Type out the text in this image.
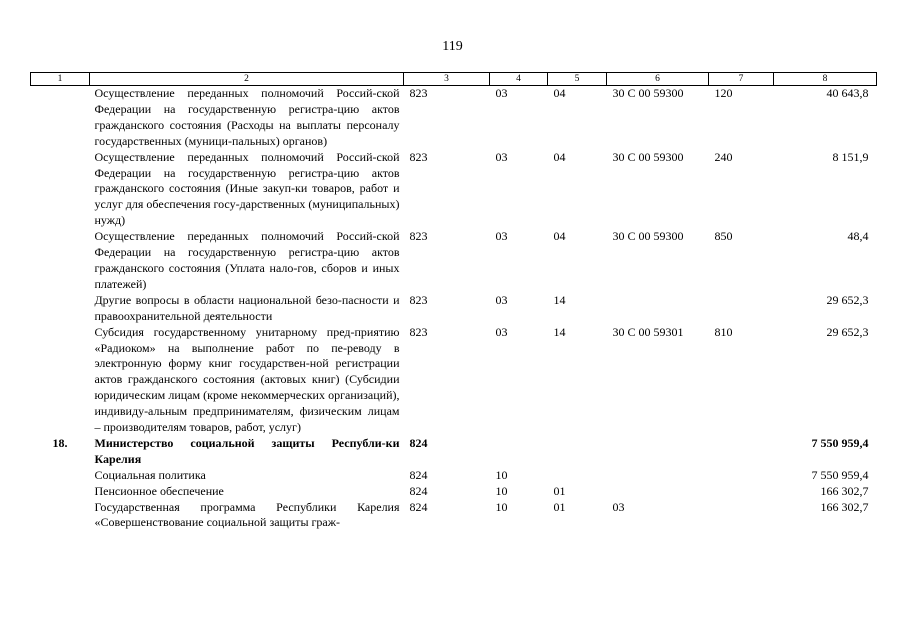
119
1	2	3	4	5	6	7	8
	Осуществление переданных полномочий Россий-ской Федерации на государственную регистра-цию актов гражданского состояния (Расходы на выплаты персоналу государственных (муници-пальных) органов)	823	03	04	30 С 00 59300	120	40 643,8
	Осуществление переданных полномочий Россий-ской Федерации на государственную регистра-цию актов гражданского состояния (Иные закуп-ки товаров, работ и услуг для обеспечения госу-дарственных (муниципальных) нужд)	823	03	04	30 С 00 59300	240	8 151,9
	Осуществление переданных полномочий Россий-ской Федерации на государственную регистра-цию актов гражданского состояния (Уплата нало-гов, сборов и иных платежей)	823	03	04	30 С 00 59300	850	48,4
	Другие вопросы в области национальной безо-пасности и правоохранительной деятельности	823	03	14			29 652,3
	Субсидия государственному унитарному пред-приятию «Радиоком» на выполнение работ по пе-реводу в электронную форму книг государствен-ной регистрации актов гражданского состояния (актовых книг) (Субсидии юридическим лицам (кроме некоммерческих организаций), индивиду-альным предпринимателям, физическим лицам – производителям товаров, работ, услуг)	823	03	14	30 С 00 59301	810	29 652,3
18.	Министерство социальной защиты Республи-ки Карелия	824					7 550 959,4
	Социальная политика	824	10				7 550 959,4
	Пенсионное обеспечение	824	10	01			166 302,7
	Государственная программа Республики Карелия «Совершенствование социальной защиты граж-	824	10	01	03		166 302,7
